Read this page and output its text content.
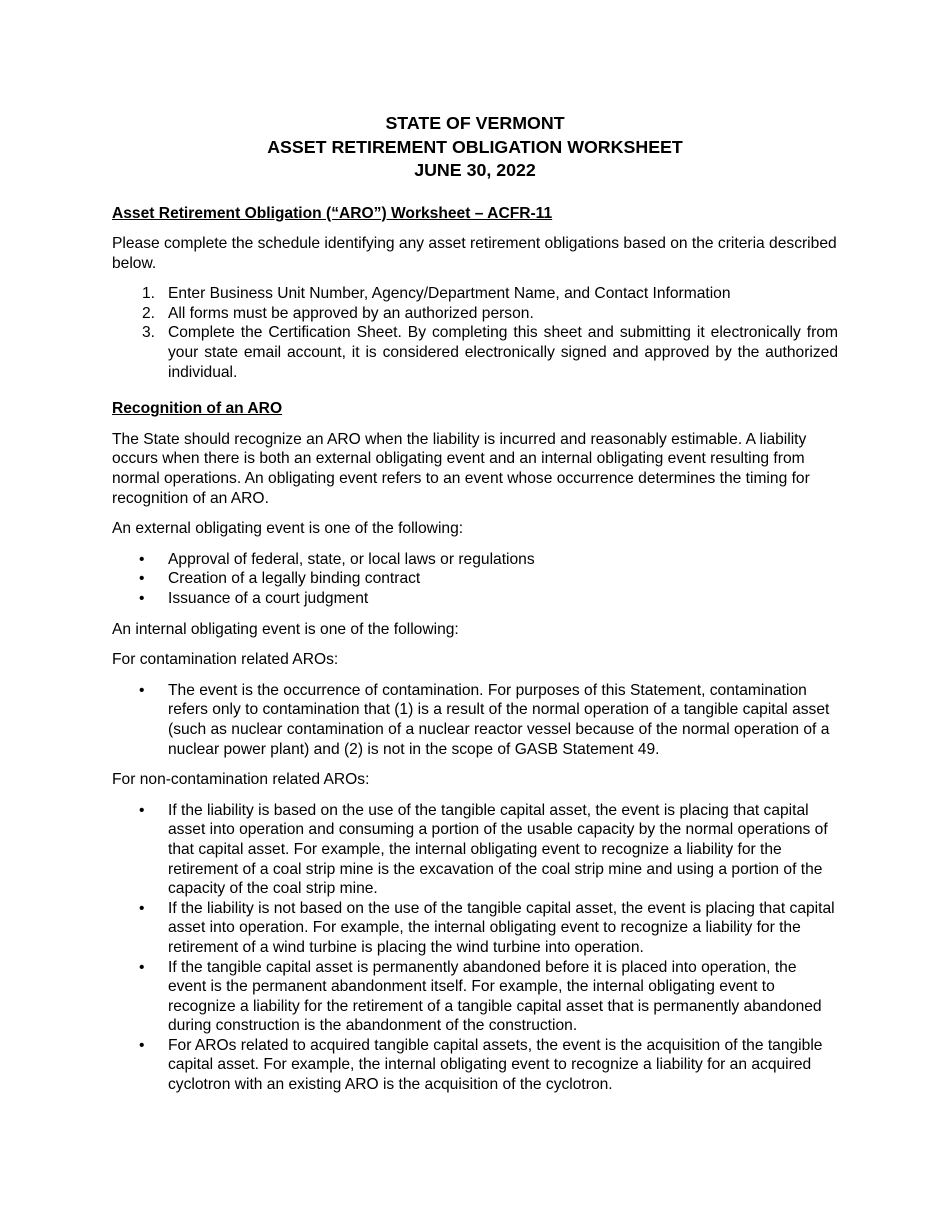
STATE OF VERMONT
ASSET RETIREMENT OBLIGATION WORKSHEET
JUNE 30, 2022
Asset Retirement Obligation (“ARO”) Worksheet – ACFR-11

Please complete the schedule identifying any asset retirement obligations based on the criteria described below.

1. Enter Business Unit Number, Agency/Department Name, and Contact Information
2. All forms must be approved by an authorized person.
3. Complete the Certification Sheet. By completing this sheet and submitting it electronically from your state email account, it is considered electronically signed and approved by the authorized individual.
Recognition of an ARO

The State should recognize an ARO when the liability is incurred and reasonably estimable. A liability occurs when there is both an external obligating event and an internal obligating event resulting from normal operations. An obligating event refers to an event whose occurrence determines the timing for recognition of an ARO.

An external obligating event is one of the following:

• Approval of federal, state, or local laws or regulations
• Creation of a legally binding contract
• Issuance of a court judgment

An internal obligating event is one of the following:

For contamination related AROs:

• The event is the occurrence of contamination. For purposes of this Statement, contamination refers only to contamination that (1) is a result of the normal operation of a tangible capital asset (such as nuclear contamination of a nuclear reactor vessel because of the normal operation of a nuclear power plant) and (2) is not in the scope of GASB Statement 49.

For non-contamination related AROs:

• If the liability is based on the use of the tangible capital asset, the event is placing that capital asset into operation and consuming a portion of the usable capacity by the normal operations of that capital asset. For example, the internal obligating event to recognize a liability for the retirement of a coal strip mine is the excavation of the coal strip mine and using a portion of the capacity of the coal strip mine.
• If the liability is not based on the use of the tangible capital asset, the event is placing that capital asset into operation. For example, the internal obligating event to recognize a liability for the retirement of a wind turbine is placing the wind turbine into operation.
• If the tangible capital asset is permanently abandoned before it is placed into operation, the event is the permanent abandonment itself. For example, the internal obligating event to recognize a liability for the retirement of a tangible capital asset that is permanently abandoned during construction is the abandonment of the construction.
• For AROs related to acquired tangible capital assets, the event is the acquisition of the tangible capital asset. For example, the internal obligating event to recognize a liability for an acquired cyclotron with an existing ARO is the acquisition of the cyclotron.
